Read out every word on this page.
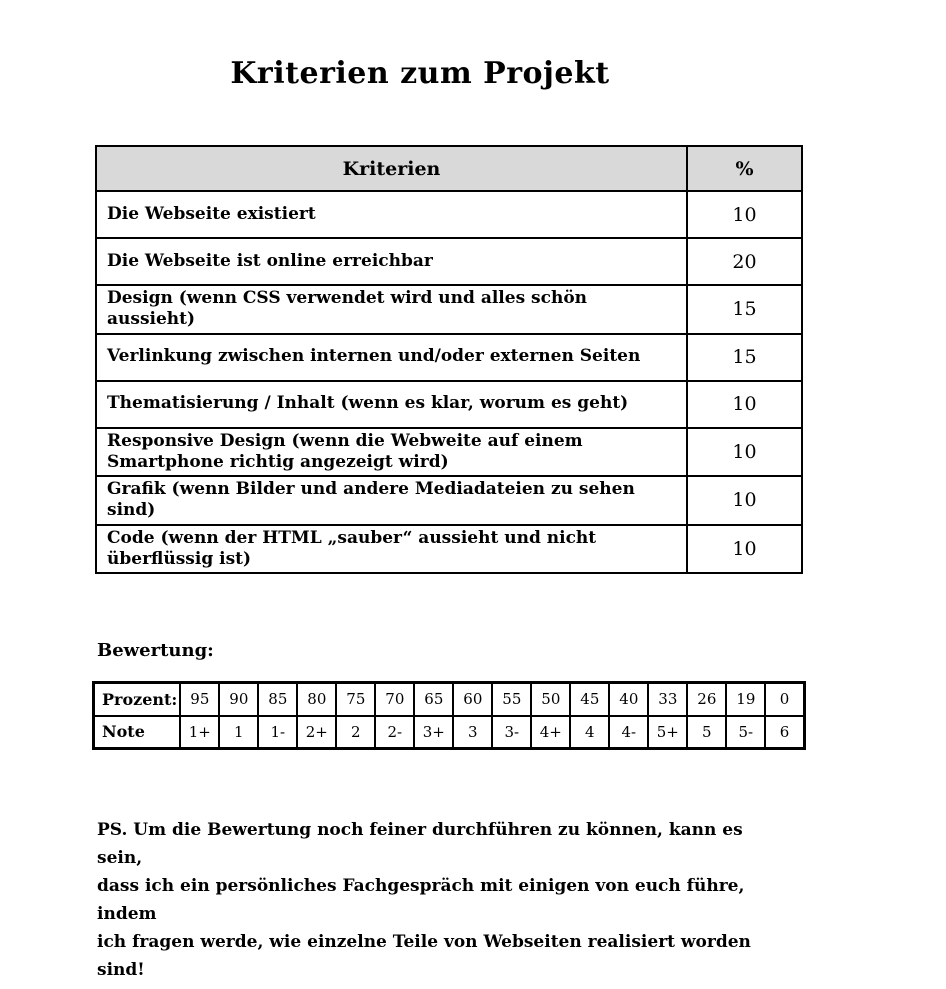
Kriterien zum Projekt
Kriterien	%
Die Webseite existiert	10
Die Webseite ist online erreichbar	20
Design (wenn CSS verwendet wird und alles schön aussieht)	15
Verlinkung zwischen internen und/oder externen Seiten	15
Thematisierung / Inhalt (wenn es klar, worum es geht)	10
Responsive Design (wenn die Webweite auf einem Smartphone richtig angezeigt wird)	10
Grafik (wenn Bilder und andere Mediadateien zu sehen sind)	10
Code (wenn der HTML „sauber“ aussieht und nicht überflüssig ist)	10
Bewertung:
Prozent:	95	90	85	80	75	70	65	60	55	50	45	40	33	26	19	0
Note	1+	1	1-	2+	2	2-	3+	3	3-	4+	4	4-	5+	5	5-	6
PS. Um die Bewertung noch feiner durchführen zu können, kann es sein,
dass ich ein persönliches Fachgespräch mit einigen von euch führe, indem
ich fragen werde, wie einzelne Teile von Webseiten realisiert worden sind!
